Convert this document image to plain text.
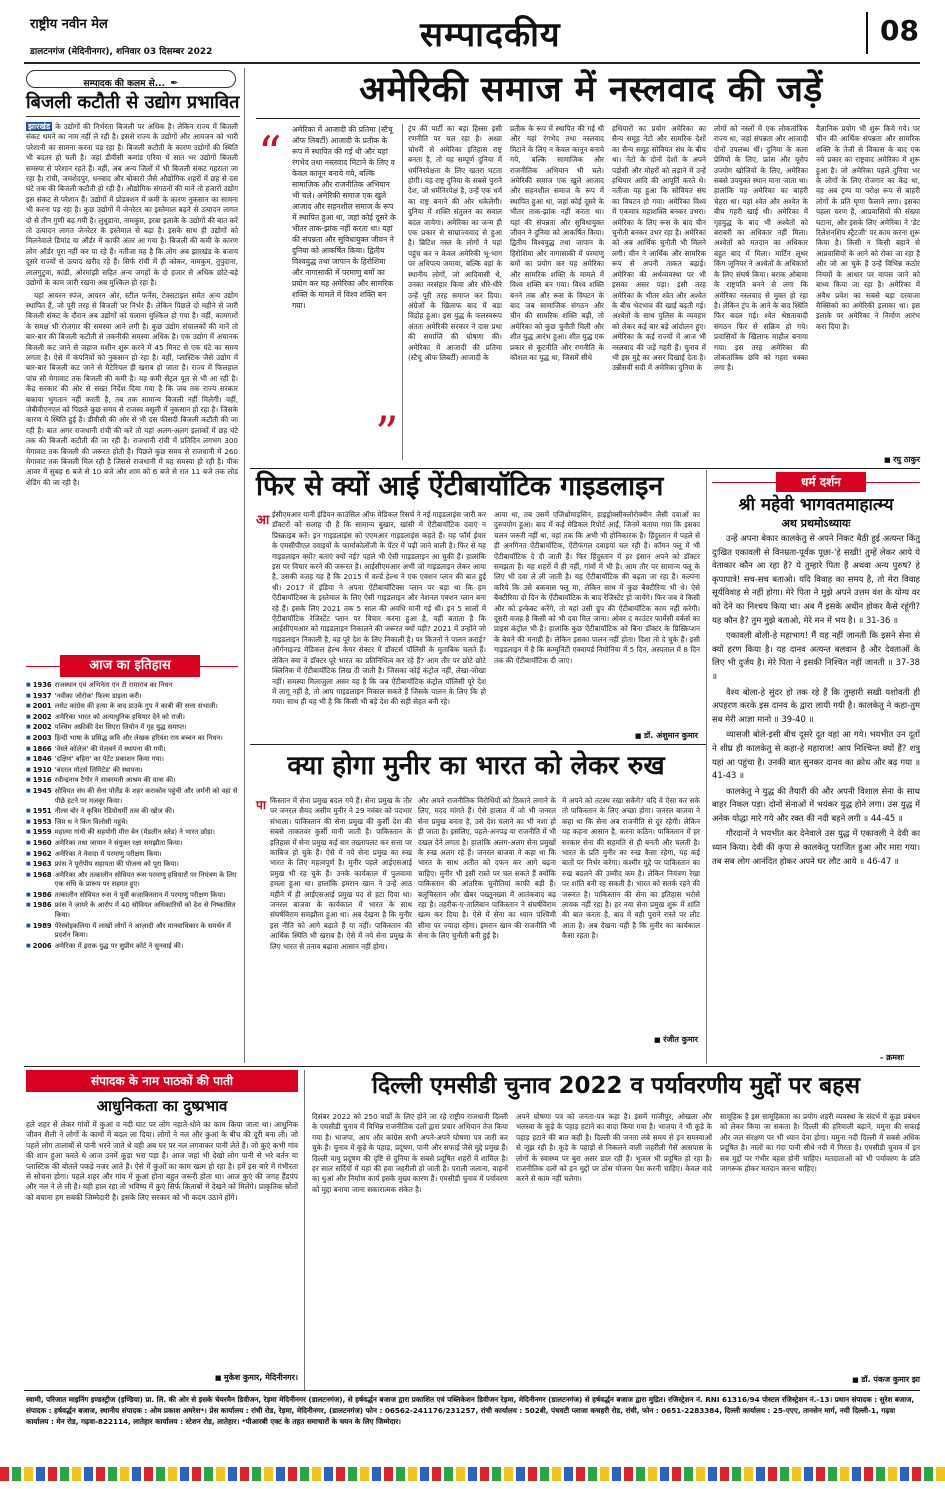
राष्ट्रीय नवीन मेल
डालटनगंज (मेदिनीनगर), शनिवार 03 दिसम्बर 2022	सम्पादकीय	08
सम्पादक की कलम से... ✒
बिजली कटौती से उद्योग प्रभावित

झारखंड के उद्योगों की निर्भरता बिजली पर अधिक है। लेकिन राज्य में बिजली संकट थमने का नाम नहीं ले रही है। इससे राज्य के उद्योगों और आमजन को भारी परेशानी का सामना करना पड़ रहा है। बिजली कटौती के कारण उद्योगों की स्थिति भी बदतर हो चली है। जहां डीवीसी कमांड एरिया में सात भर उद्योगों बिजली समस्या से परेशान रहते हैं। वहीं, अब अन्य जिलों में भी बिजली संकट गहराता जा रहा है। रांची, जमशेदपुर, धनबाद और बोकारो जैसे औद्योगिक शहरों में छह से दस घंटे तक की बिजली कटौती हो रही है। औद्योगिक संगठनों की मानें तो हजारों उद्योग इस संकट से परेशान हैं। उद्योगों में प्रोडक्शन में कमी के कारण नुकसान का सामना भी करना पड़ रहा है। कुछ उद्योगों में जेनरेटर का इस्तेमाल बढ़ने से उत्पादन लागत दो से तीन गुणी बढ़ गयी है। लुधुडाना, नामकुम, इरबा इलाके के उद्योगों की बात करें तो उत्पादन लागत जेनरेटर के इस्तेमाल से बढ़ा है। इसके साथ ही उद्योगों को मिलनेवाले डिमांड या ऑर्डर में काफी अंतर आ गया है। बिजली की कमी के कारण लोग ऑर्डर पूरा नहीं कर पा रहे हैं। नतीजा यह है कि लोग अब झारखंड के बजाय दूसरे राज्यों से उत्पाद खरीद रहे हैं। सिर्फ रांची में ही कोकर, नामकुम, तुपुदाना, लालगुटुवा, कांडी, ओरमांझी सहित अन्य जगहों के दो हजार से अधिक छोटे-बड़े उद्योगों के काम जारी रखना अब मुश्किल हो रहा है।

यहां आयरन स्पंज, आयरन ओर, स्टील फर्नेस, टेक्सटाइल समेत अन्य उद्योग स्थापित हैं, जो पूरी तरह से बिजली पर निर्भर हैं। लेकिन पिछले दो महीने से जारी बिजली संकट के दौरान अब उद्योगों को चलाना मुश्किल हो गया है। वहीं, कामगारों के समक्ष भी रोजगार की समस्या आने लगी है। कुछ उद्योग संचालकों की मानें तो बार-बार की बिजली कटौती से तकनीकी समस्या अधिक है। एक उद्योग में अचानक बिजली कट जाने से जहाज मशीन शुरू करने में 45 मिनट से एक घंटे का समय लगता है। ऐसे में कंपनियों को नुकसान हो रहा है। वहीं, प्लास्टिक जैसे उद्योग में बार-बार बिजली कट जाने से मैटेरियल ही खराब हो जाता है। राज्य में फिलहाल पांच सौ मेगावाट तक बिजली की कमी है। यह कमी सेंट्रल पूल से भी आ रही है। केंद्र सरकार की ओर से सख्त निर्देश दिया गया है कि जब तक राज्य सरकार बकाया भुगतान नहीं करती है, तब तक सामान्य बिजली नहीं मिलेगी। वहीं, जेबीवीएनएल को पिछले कुछ समय से राजस्व वसूली में नुकसान हो रहा है। जिसके कारण ये स्थिति हुई है। डीवीसी की ओर से भी दस फीसदी बिजली कटौती की जा रही है। बात अगर राजधानी रांची की करें तो यहां अलग-अलग इलाकों में छह घंटे तक की बिजली कटौती की जा रही है। राजधानी रांची में प्रतिदिन लगभग 300 मेगावाट तक बिजली की जरूरत होती है। पिछले कुछ समय से राजधानी में 260 मेगावाट तक बिजली मिल रही है जिससे राजधानी में यह समस्या हो रही है। पीक आवर में सुबह 6 बजे से 10 बजे और शाम को 6 बजे से रात 11 बजे तक लोड शेडिंग की जा रही है।

आज का इतिहास
■ 1936 राजस्थान एवं अभिनेता एन टी रामाराव का निधन
■ 1937 'नवीका जोरोक' फिल्म डाइला करी।
■ 2001 लसेट कांग्रेस की हत्या के बाद डाउके गुप ने काबी की सत्ता संभाली।
■ 2002 अमेरिका भारत को अत्याधुनिक हथियार देने को राजी।
■ 2002 पश्चिम अफ्रीकी देश सिएरा लियोन में गृह युद्ध समाप्त।
■ 2003 हिन्दी भाषा के प्रसिद्ध कवि और लेखक हरिवंश राय बच्चन का निधन।
■ 1866 'वेस्ले कॉलेज' की मेलबर्न में स्थापना की गयी।
■ 1846 'दक्षिण' बहिरा' का पेटेंट प्रकाशन किया गया।
■ 1910 'बंदरल मोटर्स लिमिटेड' की स्थापना।
■ 1916 रवीन्द्रनाथ टैगोर ने साबरमती आश्रम की यात्रा की।
■ 1945 सोवियत संघ की सेना पोलैंड के शहर कराकोव पहुंची और जर्मनी को वहां से पीछे हटने पर मजबूर किया।
■ 1951 नील्स बोर ने कृत्रिम रेडियोधर्मी तत्व की खोज की।
■ 1953 जिम थ ने किंग विलोसी पहुंचे।
■ 1959 महात्मा गांधी की सहयोगी मीरा बेन (मेडलीन स्लेड) ने भारत छोड़ा।
■ 1960 अमेरिका तथा जापान ने संयुक्त रक्षा समझौता किया।
■ 1962 अमेरिका ने नेवादा में परमाणु परीक्षण किया।
■ 1963 फ्रांस ने यूरोपीय सहायता की योजना को पूरा किया।
■ 1968 अमेरिका और तत्कालीन सोवियत रूस परमाणु हथियारों पर नियंत्रण के लिए एक संधि के प्रारूप पर सहमत हुए।
■ 1986 तत्कालीन सोवियत रूस ने पूर्वी कजाकिस्तान में परमाणु परीक्षण किया।
■ 1986 फ्रांस ने ज़ायरे के आरोप में 40 सोवियत अधिकारियों को देश से निष्कासित किया।
■ 1989 पेरेस्त्रोइकलिया में लाखों लोगों ने आज़ादी और मानवाधिकार के समर्थन में प्रदर्शन किया।
■ 2006 अमेरिका में इराक युद्ध पर सुप्रीम कोर्ट ने सुनवाई की।
अमेरिकी समाज में नस्लवाद की जड़ें
“ अमेरिका में आजादी की प्रतिमा (स्टैचू ऑफ लिबर्टी) आजादी के प्रतीक के रूप में स्थापित की गई थी और यहां रंगभेद तथा नस्लवाद मिटाने के लिए व केवल कानून बनाये गये, बल्कि सामाजिक और राजनीतिक अभियान भी चले। अमेरिकी समाज एक खुले आजाद और सहनशील समाज के रूप में स्थापित हुआ था, जहां कोई दूसरे के भीतर ताक-झांक नहीं करता था। यहां की संपन्नता और सुविधायुक्त जीवन ने दुनिया को आकर्षित किया। द्वितीय विश्वयुद्ध तथा जापान के हिरोशिमा और नागासाकी में परमाणु बमों का प्रयोग कर यह अमेरिका और सामरिक शक्ति के मामले में विश्व शक्ति बन गया।
”
ट्रंप की पार्टी का बड़ा हिस्सा इसी रणनीति पर चल रहा है। अश्व्रा चोधरी से अमेरिका इतिहास राष्ट्र बनता है, तो यह सम्पूर्ण दुनिया में धर्मनिरपेक्षता के लिए खतरा घटता होगी। यह राष्ट्र दुनिया के सबसे पुराने देश, जो धर्मनिरपेक्ष है, उन्हें एक धर्म का राष्ट्र बनाने की ओर धकेलेगी। दुनिया में शक्ति संतुलन का सवाल बदल जायेगा। अमेरिका का जन्म ही एक प्रकार से साम्राज्यवाद से हुआ है। ब्रिटिश नस्ल के लोगों ने यहां पहुंच कर न केवल अमेरिकी भू-भाग पर अधिपत्य जमाया, बल्कि वहां के स्थानीय लोगों, जो आदिवासी थे, उनका नरसंहार किया और धीरे-धीरे उन्हें पूरी तरह समाप्त कर दिया। अंग्रेजों के खिलाफ बाद में बड़ा विद्रोह हुआ। इस युद्ध के फलस्वरूप अंततः अमेरिकी सरकार ने दास प्रथा की समाप्ति की घोषणा की। अमेरिका में आजादी की प्रतिमा (स्टैचू ऑफ लिबर्टी) आजादी के
प्रतीक के रूप में स्थापित की गई थी और यहां रंगभेद तथा नस्लवाद मिटाने के लिए न केवल कानून बनाये गये, बल्कि सामाजिक और राजनीतिक अभियान भी चले। अमेरिकी समाज एक खुले आजाद और सहनशील समाज के रूप में स्थापित हुआ था, जहां कोई दूसरे के भीतर ताक-झांक नहीं करता था। यहां की संपन्नता और सुविधायुक्त जीवन ने दुनिया को आकर्षित किया। द्वितीय विश्वयुद्ध तथा जापान के हिरोशिमा और नागासाकी में परमाणु बमों का प्रयोग कर यह अमेरिका और सामरिक शक्ति के मामले में विश्व शक्ति बन गया। विश्व शक्ति बनने तक और रूस के विघटन के बाद जब सामाजिक संगठन और चीन की सामरिक शक्ति बढ़ी, तो अमेरिका को कुछ चुनौती मिली और शीत युद्ध आरंभ हुआ। शीत युद्ध एक प्रकार से कूटनीति और रणनीति के कौशल का युद्ध था, जिसमें सीधे
हथियारों का प्रयोग अमेरिका का सैन्य समूह नेटो और सामरिक देशों का सैन्य समूह सोवियत संघ के बीच था। नेटो के दोनों देशों के अपने पड़ोसी और मोहरों को लड़ाने में उन्हें हथियार आदि की आपूर्ति करते थे। नतीजा यह हुआ कि सोवियत संघ का विघटन हो गया। अमेरिका विश्व में एकमात्र महाशक्ति बनकर उभरा। अमेरिका के लिए रूस के बाद चीन चुनौती बनकर उभर रहा है। अमेरिका को अब आर्थिक चुनौती भी मिलने लगी। चीन ने आर्थिक और सामरिक रूप से अपनी ताकत बढ़ाई। अमेरिका की अर्थव्यवस्था पर भी इसका असर पड़ा। इसी तरह अमेरिका के भीतर श्वेत और अश्वेत के बीच भेदभाव की खाई बढ़ती गई। अश्वेतों के साथ पुलिस के व्यवहार को लेकर कई बार बड़े आंदोलन हुए। अमेरिका के कई राज्यों में आज भी नस्लवाद की जड़ें गहरी हैं। चुनाव में भी इस मुद्दे का असर दिखाई देता है। उन्नीसवीं सदी में अमेरिका दुनिया के
लोगों को नस्लों में एक लोकतांत्रिक राज्य था, जहां संपन्नता और आजादी दोनों उपलब्ध थीं। दुनिया के कला प्रेमियों के लिए, फ्रांस और यूरोप उपयोग खोजियों के लिए, अमेरिका सबसे उपयुक्त स्थान माना जाता था। हालांकि यह अमेरिका का बाहरी चेहरा था। यहां श्वेत और अश्वेत के बीच गहरी खाई थी। अमेरिका में गृहयुद्ध के बाद भी अश्वेतों को बराबरी का अधिकार नहीं मिला। अश्वेतों को मतदान का अधिकार बहुत बाद में मिला। मार्टिन लूथर किंग जूनियर ने अश्वेतों के अधिकारों के लिए संघर्ष किया। बराक ओबामा के राष्ट्रपति बनने से लगा कि अमेरिका नस्लवाद से मुक्त हो रहा है। लेकिन ट्रंप के आने के बाद स्थिति फिर बदल गई। श्वेत श्रेष्ठतावादी संगठन फिर से सक्रिय हो गये। प्रवासियों के खिलाफ माहौल बनाया गया। इस तरह अमेरिका की लोकतांत्रिक छवि को गहरा धक्का लगा है।
वैज्ञानिक प्रयोग भी शुरू किये गये। पर चीन की आर्थिक संपन्नता और सामरिक शक्ति के तेजी से विकास के बाद एक नये प्रकार का राष्ट्रवाद अमेरिका में शुरू हुआ है। जो अमेरिका पहले दुनिया भर के लोगों के लिए रोजगार का केंद्र था, वह अब ट्रम्प या परोक्ष रूप से बाहरी लोगों के प्रति घृणा फैलाने लगा। इसका पहला चरण है, आप्रवासियों की संख्या घटाना, और इसके लिए अमेरिका ने 'डेंट रिलेशनशिप स्ट्रैटजी' पर काम करना शुरू किया है। किसी न किसी बहाने से आप्रवासियों के आने को रोका जा रहा है और जो आ चुके हैं उन्हें विभिन्न कठोर नियमों के आधार पर वापस जाने को बाध्य किया जा रहा है। अमेरिका में अवैध प्रवेश का सबसे बड़ा दरवाजा मैक्सिको का अमेरिकी इलाका था। इस इलाके पर अमेरिका ने निर्माण आरंभ करा दिया है।
■ रघु ठाकुर
फिर से क्यों आई ऐंटीबायॉटिक गाइडलाइन
आ ईसीएमआर यानी इंडियन काउंसिल ऑफ मेडिकल रिसर्च ने नई गाइडलाइंस जारी कर डॉक्टरों को सलाह दी है कि सामान्य बुखार, खांसी में ऐंटीबायॉटिक दवाएं न प्रिस्क्राइब करें। इन गाइडलाइंस को एएमआर गाइडलाइंस कहते हैं। यह फॉर्म ईवार के एमसीपीएल दवाइयों के फार्माकोलॉजी के पेंटर में पढ़ी जाने वाली है। फिर से यह गाइडलाइन क्यों? बताएं क्यों नई? पहले भी ऐसी गाइडलाइन आ चुकी हैं। हालांकि इस पर विचार करने की जरूरत है। आईसीएमआर अभी जो गाइडलाइन लेकर आया है, उसकी वजह यह है कि 2015 में वर्ल्ड हेल्थ ने एक एक्शन प्लान की बात हुई थी। 2017 में इंडिया ने अपना ऐंटीबायॉटिक्स प्लान पर बड़ा था कि हम ऐंटीबायॉटिक्स के इस्तेमाल के लिए ऐसी गाइडलाइन और नेशनल एक्शन प्लान बना रहे हैं। इसके लिए 2021 तक 5 साल की अवधि मानी गई थी। इन 5 सालों में ऐंटीबायॉटिक रेजिस्टेंट प्लान पर विचार करना हुआ है, वहीं बताता है कि आईसीएमआर को गाइडलाइन निकालने की जरूरत क्यों पड़ी? 2021 में उन्होंने जो गाइडलाइन निकाली है, वह पूरे देश के लिए निकाली है। पर कितनों ने पालन कराई? ऑर्गनाइज्ड मेडिकल हेल्थ केयर सेक्टर में डॉक्टर्स पॉलिसी के मुताबिक चलते हैं। लेकिन क्या वे डॉक्टर पूरे भारत का प्रतिनिधित्व कर रहे हैं? आम तौर पर छोटे छोटे क्लिनिक में ऐंटीबायॉटिक लिख दी जाती है। जिसका कोई कंट्रोल नहीं, लेखा-जोखा नहीं। समस्या मिलाजुला असर यह है कि जब ऐंटीबायॉटिक कंट्रोल पॉलिसी पूरे देश में लागू नहीं है, तो आप गाइडलाइन निकाल सकते हैं जिसके पालन के लिए कि हो गया। साथ ही यह भी है कि किसी भी बड़े देश की सही सेहत बनी रहे।
आया था, तब उसमें एजिथ्रोमाइसिन, हाइड्रोक्सीक्लोरोक्वीन जैसी दवाओं का दुरुपयोग हुआ। बाद में कई मेडिकल रिपोर्ट आईं, जिनमें बताया गया कि इसका चलन जरूरी नहीं था, वहां तक कि अभी भी होनिकारक है। हिंदुस्तान में पहले से ही अनगिनत ऐंटीबायॉटिक, ऐंटीफंगल दवाइयां चल रही हैं। कॉमन फ्लू में भी ऐंटीबायॉटिक दे दी जाती हैं। फिर हिंदुस्तान में हर इंसान अपने को डॉक्टर समझता है। यह शहरों में ही नहीं, गांवों में भी है। आम तौर पर सामान्य फ्लू के लिए भी दवा ले ली जाती है। यह ऐंटीबायॉटिक की बढ़ता जा रहा है। कल्पना करिये कि उसे बकवास फ्लू मा, लेकिन साथ में कुछ बैक्टीरिया भी थे। ऐसे बैक्टीरिया दो दिन के ऐंटीबायॉटिक के बाद रेजिस्टेंट हो जायेंगे। फिर जब वे किसी और को इन्फेक्ट करेंगे, तो वहां उसी ग्रुप की ऐंटीबायॉटिक काम नहीं करेगी। दूसरी वजह है किसी को भी दवा मिल जाना। ओवर द काउंटर फार्मेसी वर्कर्स का प्राइस कंट्रोल भी है। हालांकि कुछ ऐंटीबायॉटिक को बिना डॉक्टर के प्रिस्क्रिप्शन के बेचने की मनाही है। लेकिन इसका पालन नहीं होता। दिशा तो दे चुके हैं। इसी गाइडलाइन में है कि कम्युनिटी एक्वायर्ड निमोनिया में 5 दिन, अस्पताल में 8 दिन तक की ऐंटीबायॉटिक दी जाए।
■ डॉ. अंशुमान कुमार
क्या होगा मुनीर का भारत को लेकर रुख
पा किस्तान में सेना प्रमुख बदल गये हैं। सेना प्रमुख के तौर पर जनरल सैयद असीम मुनीर ने 29 नवंबर को पदभार संभाला। पाकिस्तान की सेना प्रमुख की कुर्सी देश की सबसे ताकतवर कुर्सी मानी जाती है। पाकिस्तान के इतिहास में सेना प्रमुख कई बार तख्तापलट कर सत्ता पर काबिज हो चुके हैं। ऐसे में नये सेना प्रमुख का रुख भारत के लिए महत्वपूर्ण है। मुनीर पहले आईएसआई प्रमुख भी रह चुके हैं। उनके कार्यकाल में पुलवामा हमला हुआ था। हालांकि इमरान खान ने उन्हें आठ महीने में ही आईएसआई प्रमुख पद से हटा दिया था। जनरल बाजवा के कार्यकाल में भारत के साथ संघर्षविराम समझौता हुआ था। अब देखना है कि मुनीर इस नीति को आगे बढ़ाते हैं या नहीं। पाकिस्तान की आर्थिक स्थिति भी खराब है। ऐसे में नये सेना प्रमुख के लिए भारत से तनाव बढ़ाना आसान नहीं होगा।
और अपने राजनीतिक विरोधियों को ठिकाने लगाने के लिए, मदद मांगते हैं। ऐसे हालात में जो भी जनरल सेना प्रमुख बनता है, उसे देश चलाने का भी नशा हो ही जाता है। इसलिए, पहले-अनपढ़ या राजनीति में भी दखल देने लगता है। हालांकि अलग-अलग सेना प्रमुखों के रुख अलग रहे हैं। जनरल बाजवा ने कहा था कि भारत के साथ अतीत को दफन कर आगे बढ़ना चाहिए। मुनीर भी इसी रास्ते पर चल सकते हैं क्योंकि पाकिस्तान की आंतरिक चुनौतियां काफी बड़ी हैं। बलूचिस्तान और खैबर पख्तूनख्वा में आतंकवाद बढ़ रहा है। तहरीक-ए-तालिबान पाकिस्तान ने संघर्षविराम खत्म कर दिया है। ऐसे में सेना का ध्यान पश्चिमी सीमा पर ज्यादा रहेगा। इमरान खान की राजनीति भी सेना के लिए चुनौती बनी हुई है।
में अपने को तटस्थ रखा सकेंगे? यदि वे ऐसा कर सके तो पाकिस्तान के लिए अच्छा होगा। जनरल बाजवा ने कहा था कि सेना अब राजनीति से दूर रहेगी। लेकिन यह कहना आसान है, करना कठिन। पाकिस्तान में हर सरकार सेना की सहमति से ही बनती और चलती है। भारत के प्रति मुनीर का रुख कैसा रहेगा, यह कई बातों पर निर्भर करेगा। कश्मीर मुद्दे पर पाकिस्तान का रुख बदलने की उम्मीद कम है। लेकिन नियंत्रण रेखा पर शांति बनी रह सकती है। भारत को सतर्क रहने की जरूरत है। पाकिस्तान की सेना का इतिहास भरोसे लायक नहीं रहा है। हर नया सेना प्रमुख शुरू में शांति की बात करता है, बाद में वही पुराने रास्ते पर लौट आता है। अब देखना यही है कि मुनीर का कार्यकाल कैसा रहता है।
■ रंजीत कुमार
धर्म दर्शन
श्री महेवी भागवतमाहात्म्य
अथ प्रथमोऽध्यायः

उन्हें अपना बेकार कालकेतु से अपने निकट बैठी हुई अत्यन्त किंतु दुःखित एकावली से विनम्रता-पूर्वक पूछा-'हे सखी! तुम्हें लेकर आये ये वेताकार कौन आ रहा है? ये तुम्हारे पिता हैं अथवा अन्य पुरुष? हे कृपापात्रे! सच-सच बताओ। यदि विवाह का समय है, तो मेरा विवाह सूर्यविवाह से नहीं होगा। मेरे पिता ने मुझे अपने उत्तम वंश के योग्य वर को देने का निश्चय किया था। अब मैं इसके अधीन होकर कैसे रहूंगी? यह कौन है? तुम मुझे बताओ, मेरे मन में भय है। ॥ 31-36 ॥

एकावली बोली-हे महाभाग! मैं यह नहीं जानती कि इसने सेना से क्यों हरण किया है। यह दानव अत्यन्त बलवान है और देवताओं के लिए भी दुर्जय है। मेरे पिता ने इसकी निश्चित नहीं जानती ॥ 37-38 ॥

वैश्य बोला-हे सुंदर हो तक रहे हैं कि तुम्हारी सखी यशोवती ही अपहरण करके इस दानव के द्वारा लायी गयी है। कालकेतु ने कहा-तुम सब मेरी आज्ञा मानो ॥ 39-40 ॥

व्यासजी बोले-इसी बीच दूसरे दूत वहां आ गये। भयभीत उन दूतों ने शीघ्र ही कालकेतु से कहा-हे महाराज! आप निश्चिन्त क्यों हैं? शत्रु यहां आ पहुंचा है। उनकी बात सुनकर दानव का क्रोध और बढ़ गया ॥ 41-43 ॥

कालकेतु ने युद्ध की तैयारी की और अपनी विशाल सेना के साथ बाहर निकल पड़ा। दोनों सेनाओं में भयंकर युद्ध होने लगा। उस युद्ध में अनेक योद्धा मारे गये और रक्त की नदी बहने लगी ॥ 44-45 ॥

गौरदानों ने भयभीत कर देनेवाले उस युद्ध में एकावली ने देवी का ध्यान किया। देवी की कृपा से कालकेतु पराजित हुआ और मारा गया। तब सब लोग आनंदित होकर अपने घर लौट आये ॥ 46-47 ॥

- क्रमशः
संपादक के नाम पाठकों की पाती
आधुनिकता का दुष्प्रभाव
हले शहर से लेकर गांवों में कुआं व नदी घाट पर लोग नहाते-धोने का काम किया जाता था। आधुनिक जीवन शैली ने लोगों के कामों में बदल ला दिया। लोगों ने नल और कुआं के बीच की दूरी बना ली। जो पहले लोग तालाबों से पानी भरने जाते थे वही अब घर पर नल लगवाकर पानी लेते हैं। जो कुएं कभी गांव की शान हुआ करते थे आज उनमें कूड़ा भरा पड़ा है। आज जहां भी देखो लोग पानी से भरे बर्तन या प्लास्टिक की बोतलें पकड़े नजर आते हैं। ऐसे में कुओं का काम खत्म हो रहा है। हमें इस बारे में गंभीरता से सोचना होगा। पहले शहर और गांव में कुआं होना बहुत जरूरी होता था। आज कुएं की जगह हैंडपंप और नल ने ले ली है। यही हाल रहा तो भविष्य में कुएं सिर्फ किताबों में देखने को मिलेंगे। प्राकृतिक स्रोतों को बचाना हम सबकी जिम्मेदारी है। इसके लिए सरकार को भी कदम उठाने होंगे।
■ मुकेश कुमार, मेदिनीनगर।
दिल्ली एमसीडी चुनाव 2022 व पर्यावरणीय मुद्दों पर बहस
दिसंबर 2022 को 250 वार्डों के लिए होने जा रहे राष्ट्रीय राजधानी दिल्ली के एमसीडी चुनाव में विभिन्न राजनीतिक दलों द्वारा प्रचार अभियान तेज किया गया है। भाजपा, आप और कांग्रेस सभी अपने-अपने घोषणा पत्र जारी कर चुके हैं। चुनाव में कूड़े के पहाड़, प्रदूषण, पानी और सफाई जैसे मुद्दे प्रमुख हैं। दिल्ली वायु प्रदूषण की दृष्टि से दुनिया के सबसे प्रदूषित शहरों में शामिल है। हर साल सर्दियों में यहां की हवा जहरीली हो जाती है। पराली जलाना, वाहनों का धुआं और निर्माण कार्य इसके मुख्य कारण हैं। एमसीडी चुनाव में पर्यावरण को मुद्दा बनाया जाना सकारात्मक संकेत है।
अपने घोषणा पत्र को जनता-पत्र कहा है। इसमें गाजीपुर, ओखला और भलस्वा के कूड़े के पहाड़ हटाने का वादा किया गया है। भाजपा ने भी कूड़े के पहाड़ हटाने की बात कही है। दिल्ली की जनता लंबे समय से इन समस्याओं से जूझ रही है। कूड़े के पहाड़ों से निकलने वाली जहरीली गैसें आसपास के लोगों के स्वास्थ्य पर बुरा असर डाल रही हैं। भूजल भी प्रदूषित हो रहा है। राजनीतिक दलों को इन मुद्दों पर ठोस योजना पेश करनी चाहिए। केवल वादे करने से काम नहीं चलेगा।
सामूहिक है इस सामूहिकता का प्रयोग शहरी व्यवस्था के संदर्भ में कूड़ा प्रबंधन को लेकर किया जा सकता है। दिल्ली की हरियाली बढ़ाने, यमुना की सफाई और जल संरक्षण पर भी ध्यान देना होगा। यमुना नदी दिल्ली में सबसे अधिक प्रदूषित है। नालों का गंदा पानी सीधे नदी में गिरता है। एमसीडी चुनाव में इन सब मुद्दों पर गंभीर बहस होनी चाहिए। मतदाताओं को भी पर्यावरण के प्रति जागरूक होकर मतदान करना चाहिए।
■ डॉ. पंकज कुमार झा
स्वामी, परिजात माइनिंग इण्डस्ट्रीज (इण्डिया) प्रा. लि. की ओर से इसके चेयरमैन डिवीजन, रेड़मा मेदिनीनगर (डालटनगंज), से हर्षवर्द्धन बजाज द्वारा प्रकाशित एवं पब्लिकेशन डिवीजन रेड़मा, मेदिनीनगर (डालटनगंज) से हर्षवर्द्धन बजाज द्वारा मुद्रित। रजिस्ट्रेशन नं. RNI 61316/94 पोस्टल रजिस्ट्रेशन नं.-13। प्रधान संपादक : सुरेश बजाज, संपादक : हर्षवर्द्धन बजाज, स्थानीय संपादक : ओम प्रकाश अमरेश*। प्रेस कार्यालय : रांची रोड, रेड़मा, मेदिनीनगर, (डालटनगंज) फोन : 06562-241176/231257, रांची कार्यालय : 502बी, पंचवटी प्लाजा कचहरी रोड, रांची, फोन : 0651-2283384, दिल्ली कार्यालय : 25-एएए, तानसेन मार्ग, नयी दिल्ली-1, गढ़वा कार्यालय : मेन रोड, गढ़वा-822114, लातेहार कार्यालय : स्टेशन रोड, लातेहार। *पीआरबी एक्ट के तहत समाचारों के चयन के लिए जिम्मेदार।
